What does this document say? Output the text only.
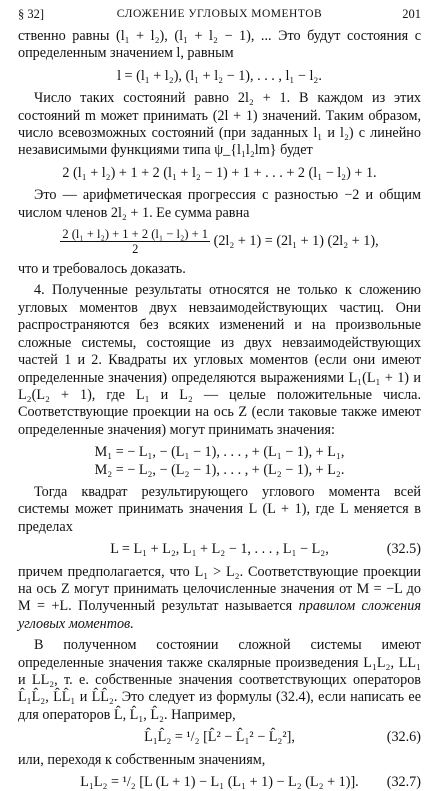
§ 32]	СЛОЖЕНИЕ УГЛОВЫХ МОМЕНТОВ	201

ственно равны (l₁ + l₂), (l₁ + l₂ − 1), ... Это будут состояния с определенным значением l, равным

l = (l₁ + l₂), (l₁ + l₂ − 1), . . . , l₁ − l₂.

Число таких состояний равно 2l₂ + 1. В каждом из этих состояний m может принимать (2l + 1) значений. Таким образом, число всевозможных состояний (при заданных l₁ и l₂) с линейно независимыми функциями типа ψ_{l₁l₂lm} будет

2 (l₁ + l₂) + 1 + 2 (l₁ + l₂ − 1) + 1 + . . . + 2 (l₁ − l₂) + 1.

Это — арифметическая прогрессия с разностью −2 и общим числом членов 2l₂ + 1. Ее сумма равна

$\frac{\text{2 (l₁ + l₂) + 1 + 2 (l₁ − l₂) + 1}}{2} (2l_2 + 1) = (2l_1 + 1) (2l_2 + 1)$,

что и требовалось доказать.

4. Полученные результаты относятся не только к сложению угловых моментов двух невзаимодействующих частиц. Они распространяются без всяких изменений и на произвольные сложные системы, состоящие из двух невзаимодействующих частей 1 и 2. Квадраты их угловых моментов (если они имеют определенные значения) определяются выражениями L₁(L₁ + 1) и L₂(L₂ + 1), где L₁ и L₂ — целые положительные числа. Соответствующие проекции на ось Z (если таковые также имеют определенные значения) могут принимать значения:

M₁ = − L₁, − (L₁ − 1), . . . , + (L₁ − 1), + L₁,
M₂ = − L₂, − (L₂ − 1), . . . , + (L₂ − 1), + L₂.

Тогда квадрат результирующего углового момента всей системы может принимать значения L (L + 1), где L меняется в пределах

L = L₁ + L₂, L₁ + L₂ − 1, . . . , L₁ − L₂,	(32.5)

причем предполагается, что L₁ > L₂. Соответствующие проекции на ось Z могут принимать целочисленные значения от M = −L до M = +L. Полученный результат называется правилом сложения угловых моментов.

В полученном состоянии сложной системы имеют определенные значения также скалярные произведения L₁L₂, LL₁ и LL₂, т. е. собственные значения соответствующих операторов L̂₁L̂₂, L̂L̂₁ и L̂L̂₂. Это следует из формулы (32.4), если написать ее для операторов L̂, L̂₁, L̂₂. Например,

L̂₁L̂₂ = ¹/₂ [L̂² − L̂₁² − L̂₂²],	(32.6)

или, переходя к собственным значениям,

L₁L₂ = ¹/₂ [L (L + 1) − L₁ (L₁ + 1) − L₂ (L₂ + 1)]. (32.7)
